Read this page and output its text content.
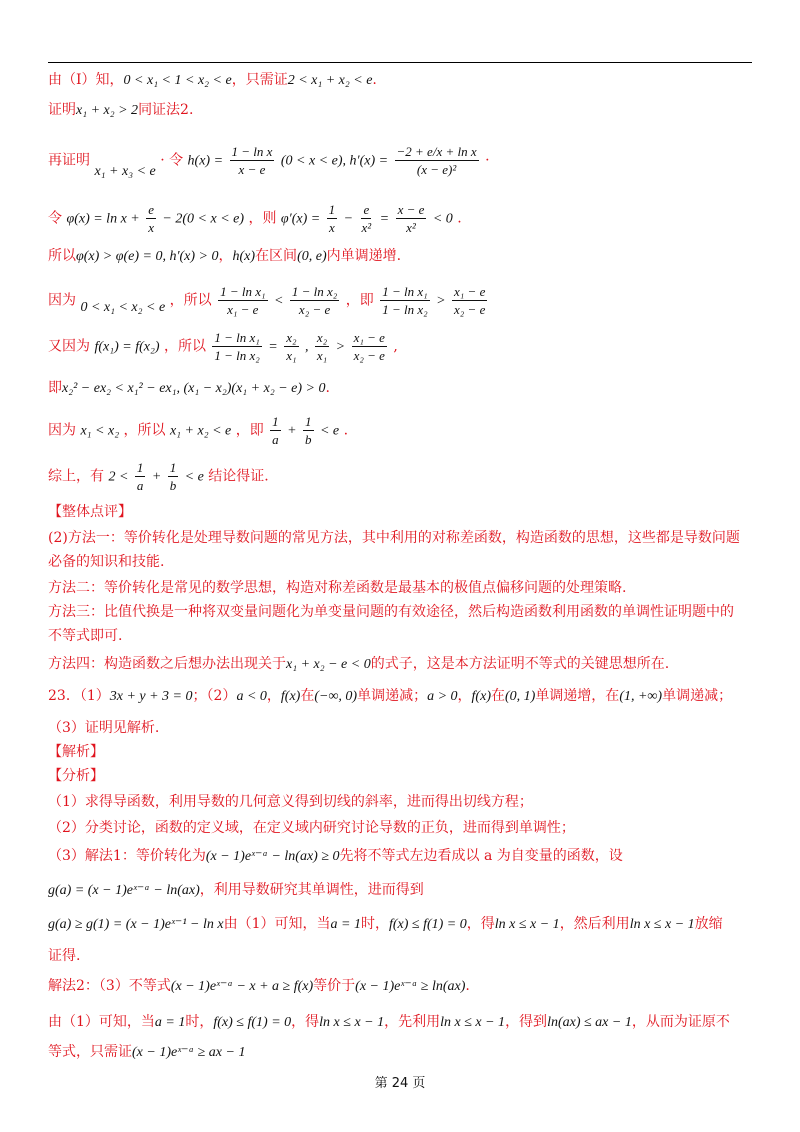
再证明 x₁ + x₃ < e · 令 $h(x) = \frac{\text{1 − ln x}}{x - e} (0 < x < e)$, $h'(x) = \frac{\text{−2 + e/x + ln x}}{\text{(x − e)²}}$ ·
令 $\varphi(x) = \ln x + \frac{e}{x} - 2(0 < x < e)$ ，则 $\varphi'(x) = \frac{1}{x} - \frac{e}{\text{x²}} = \frac{x - e}{\text{x²}} < 0$ .
因为 0 < x₁ < x₂ < e ，所以 $\frac{\text{1 − ln x₁}}{\text{x₁ − e}} < \frac{\text{1 − ln x₂}}{\text{x₂ − e}}$ ，即 $\frac{\text{1 − ln x₁}}{\text{1 − ln x₂}} > \frac{\text{x₁ − e}}{\text{x₂ − e}}$
又因为 f(x₁) = f(x₂) ，所以 $\frac{\text{1 − ln x₁}}{\text{1 − ln x₂}} = \frac{\text{x₂}}{\text{x₁}}$ , $\frac{\text{x₂}}{\text{x₁}} > \frac{\text{x₁ − e}}{\text{x₂ − e}}$ ,
因为 x₁ < x₂ ，所以 x₁ + x₂ < e ，即 $\frac{1}{a} + \frac{1}{b} < e$ .
综上，有 $2 < \frac{1}{a} + \frac{1}{b} < e$ 结论得证.
由（Ⅰ）知，0 < x₁ < 1 < x₂ < e，只需证2 < x₁ + x₂ < e.
证明x₁ + x₂ > 2同证法2.
所以φ(x) > φ(e) = 0, h′(x) > 0，h(x)在区间(0, e)内单调递增.
即x₂² − ex₂ < x₁² − ex₁, (x₁ − x₂)(x₁ + x₂ − e) > 0.
【整体点评】
(2)方法一：等价转化是处理导数问题的常见方法，其中利用的对称差函数，构造函数的思想，这些都是导数问题
必备的知识和技能.
方法二：等价转化是常见的数学思想，构造对称差函数是最基本的极值点偏移问题的处理策略.
方法三：比值代换是一种将双变量问题化为单变量问题的有效途径，然后构造函数利用函数的单调性证明题中的
不等式即可.
方法四：构造函数之后想办法出现关于x₁ + x₂ − e < 0的式子，这是本方法证明不等式的关键思想所在.
23．（1）3x + y + 3 = 0；（2）a < 0，f(x)在(−∞, 0)单调递减；a > 0，f(x)在(0, 1)单调递增，在(1, +∞)单调递减；
（3）证明见解析.
【解析】
【分析】
（1）求得导函数，利用导数的几何意义得到切线的斜率，进而得出切线方程；
（2）分类讨论，函数的定义域，在定义域内研究讨论导数的正负，进而得到单调性；
（3）解法1：等价转化为(x − 1)eˣ⁻ᵃ − ln(ax) ≥ 0先将不等式左边看成以 a 为自变量的函数，设
g(a) = (x − 1)eˣ⁻ᵃ − ln(ax)，利用导数研究其单调性，进而得到
g(a) ≥ g(1) = (x − 1)eˣ⁻¹ − ln x由（1）可知，当a = 1时，f(x) ≤ f(1) = 0，得ln x ≤ x − 1，然后利用ln x ≤ x − 1放缩
证得.
解法2：（3）不等式(x − 1)eˣ⁻ᵃ − x + a ≥ f(x)等价于(x − 1)eˣ⁻ᵃ ≥ ln(ax).
由（1）可知，当a = 1时，f(x) ≤ f(1) = 0，得ln x ≤ x − 1，先利用ln x ≤ x − 1，得到ln(ax) ≤ ax − 1，从而为证原不
等式，只需证(x − 1)eˣ⁻ᵃ ≥ ax − 1
第 24 页
